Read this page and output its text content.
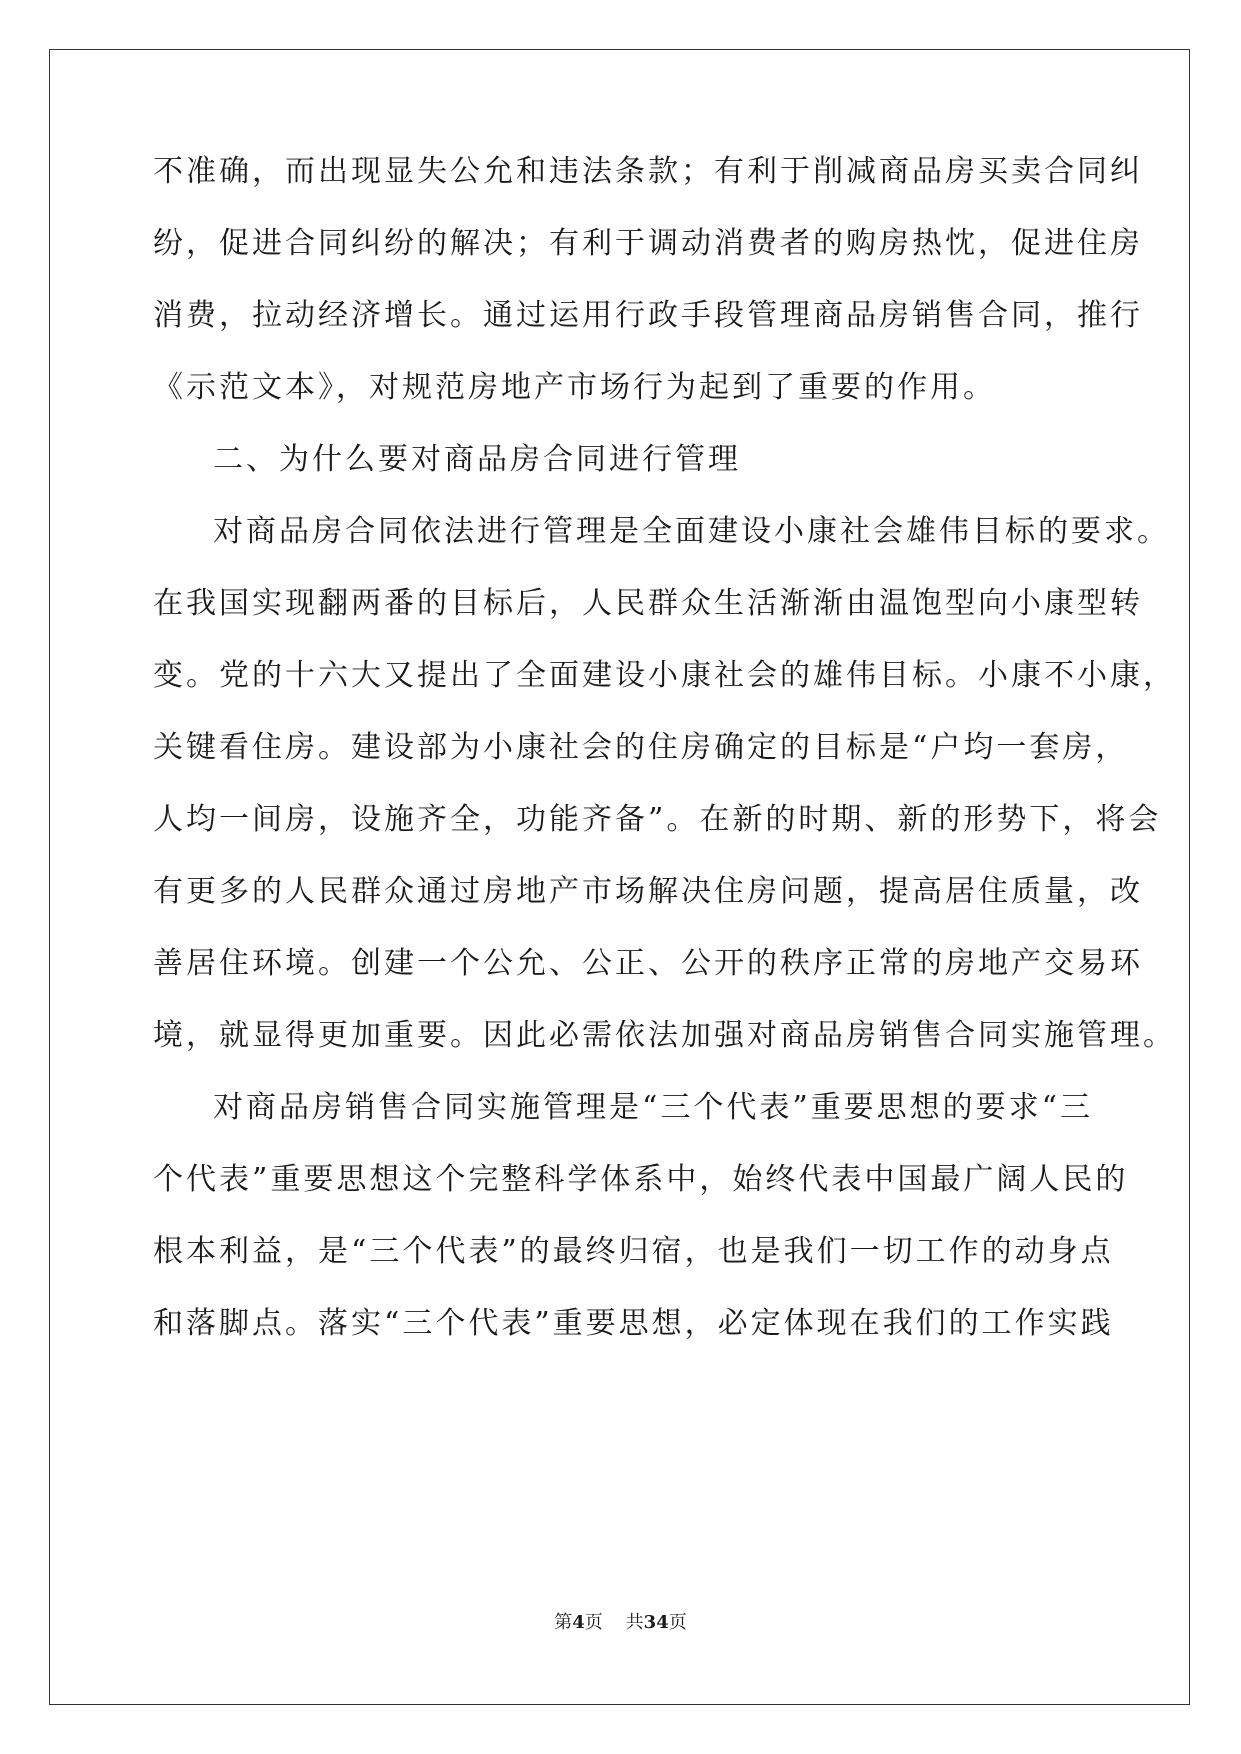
不准确，而出现显失公允和违法条款；有利于削减商品房买卖合同纠
纷，促进合同纠纷的解决；有利于调动消费者的购房热忱，促进住房
消费，拉动经济增长。通过运用行政手段管理商品房销售合同，推行
《示范文本》，对规范房地产市场行为起到了重要的作用。
二、为什么要对商品房合同进行管理
对商品房合同依法进行管理是全面建设小康社会雄伟目标的要求。
在我国实现翻两番的目标后，人民群众生活渐渐由温饱型向小康型转
变。党的十六大又提出了全面建设小康社会的雄伟目标。小康不小康，
关键看住房。建设部为小康社会的住房确定的目标是“户均一套房，
人均一间房，设施齐全，功能齐备”。在新的时期、新的形势下，将会
有更多的人民群众通过房地产市场解决住房问题，提高居住质量，改
善居住环境。创建一个公允、公正、公开的秩序正常的房地产交易环
境，就显得更加重要。因此必需依法加强对商品房销售合同实施管理。
对商品房销售合同实施管理是“三个代表”重要思想的要求“三
个代表”重要思想这个完整科学体系中，始终代表中国最广阔人民的
根本利益，是“三个代表”的最终归宿，也是我们一切工作的动身点
和落脚点。落实“三个代表”重要思想，必定体现在我们的工作实践
第4页 共34页
